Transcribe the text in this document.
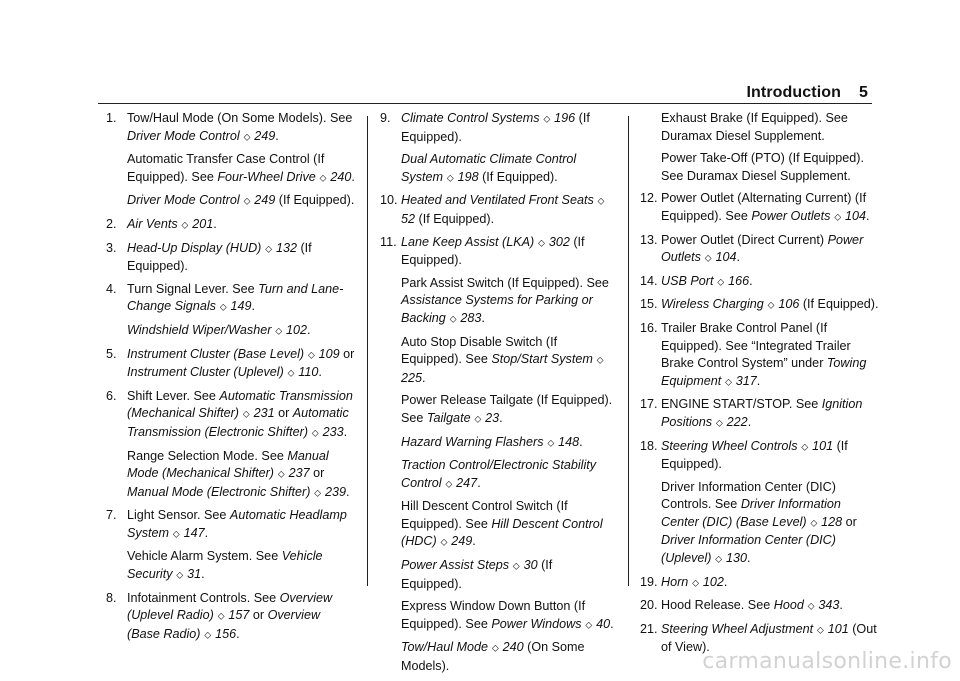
Introduction 5
1. Tow/Haul Mode (On Some Models). See Driver Mode Control ⬦ 249.
Automatic Transfer Case Control (If Equipped). See Four-Wheel Drive ⬦ 240.
Driver Mode Control ⬦ 249 (If Equipped).
2. Air Vents ⬦ 201.
3. Head-Up Display (HUD) ⬦ 132 (If Equipped).
4. Turn Signal Lever. See Turn and Lane-Change Signals ⬦ 149.
Windshield Wiper/Washer ⬦ 102.
5. Instrument Cluster (Base Level) ⬦ 109 or Instrument Cluster (Uplevel) ⬦ 110.
6. Shift Lever. See Automatic Transmission (Mechanical Shifter) ⬦ 231 or Automatic Transmission (Electronic Shifter) ⬦ 233.
Range Selection Mode. See Manual Mode (Mechanical Shifter) ⬦ 237 or Manual Mode (Electronic Shifter) ⬦ 239.
7. Light Sensor. See Automatic Headlamp System ⬦ 147.
Vehicle Alarm System. See Vehicle Security ⬦ 31.
8. Infotainment Controls. See Overview (Uplevel Radio) ⬦ 157 or Overview (Base Radio) ⬦ 156.
9. Climate Control Systems ⬦ 196 (If Equipped).
Dual Automatic Climate Control System ⬦ 198 (If Equipped).
10. Heated and Ventilated Front Seats ⬦ 52 (If Equipped).
11. Lane Keep Assist (LKA) ⬦ 302 (If Equipped).
Park Assist Switch (If Equipped). See Assistance Systems for Parking or Backing ⬦ 283.
Auto Stop Disable Switch (If Equipped). See Stop/Start System ⬦ 225.
Power Release Tailgate (If Equipped). See Tailgate ⬦ 23.
Hazard Warning Flashers ⬦ 148.
Traction Control/Electronic Stability Control ⬦ 247.
Hill Descent Control Switch (If Equipped). See Hill Descent Control (HDC) ⬦ 249.
Power Assist Steps ⬦ 30 (If Equipped).
Express Window Down Button (If Equipped). See Power Windows ⬦ 40.
Tow/Haul Mode ⬦ 240 (On Some Models).
Exhaust Brake (If Equipped). See Duramax Diesel Supplement.
Power Take-Off (PTO) (If Equipped). See Duramax Diesel Supplement.
12. Power Outlet (Alternating Current) (If Equipped). See Power Outlets ⬦ 104.
13. Power Outlet (Direct Current) Power Outlets ⬦ 104.
14. USB Port ⬦ 166.
15. Wireless Charging ⬦ 106 (If Equipped).
16. Trailer Brake Control Panel (If Equipped). See “Integrated Trailer Brake Control System” under Towing Equipment ⬦ 317.
17. ENGINE START/STOP. See Ignition Positions ⬦ 222.
18. Steering Wheel Controls ⬦ 101 (If Equipped).
Driver Information Center (DIC) Controls. See Driver Information Center (DIC) (Base Level) ⬦ 128 or Driver Information Center (DIC) (Uplevel) ⬦ 130.
19. Horn ⬦ 102.
20. Hood Release. See Hood ⬦ 343.
21. Steering Wheel Adjustment ⬦ 101 (Out of View).
carmanualsonline.info
